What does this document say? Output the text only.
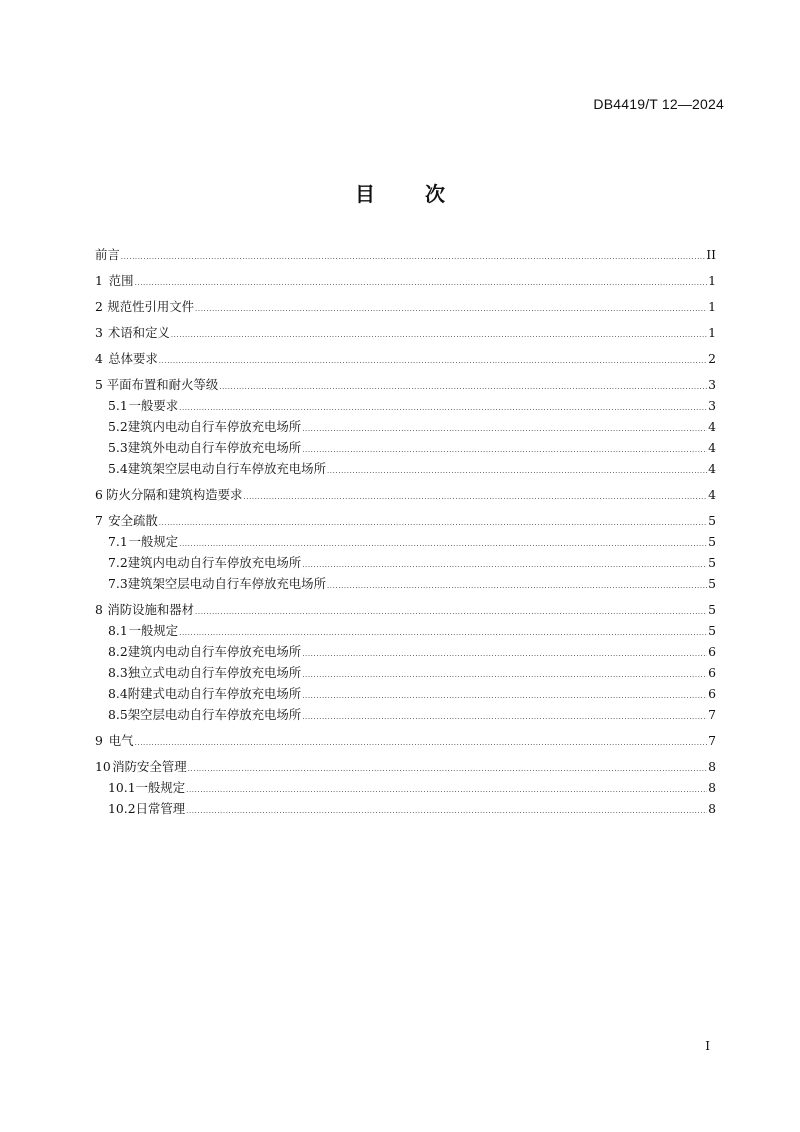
DB4419/T 12—2024
目	次
前言 .....	II
1 范围 .....	1
2 规范性引用文件 .....	1
3 术语和定义 .....	1
4 总体要求 .....	2
5 平面布置和耐火等级 .....	3
5.1 一般要求 .....	3
5.2 建筑内电动自行车停放充电场所 .....	4
5.3 建筑外电动自行车停放充电场所 .....	4
5.4 建筑架空层电动自行车停放充电场所 .....	4
6 防火分隔和建筑构造要求 .....	4
7 安全疏散 .....	5
7.1 一般规定 .....	5
7.2 建筑内电动自行车停放充电场所 .....	5
7.3 建筑架空层电动自行车停放充电场所 .....	5
8 消防设施和器材 .....	5
8.1 一般规定 .....	5
8.2 建筑内电动自行车停放充电场所 .....	6
8.3 独立式电动自行车停放充电场所 .....	6
8.4 附建式电动自行车停放充电场所 .....	6
8.5 架空层电动自行车停放充电场所 .....	7
9 电气 .....	7
10 消防安全管理 .....	8
10.1 一般规定 .....	8
10.2 日常管理 .....	8
I
